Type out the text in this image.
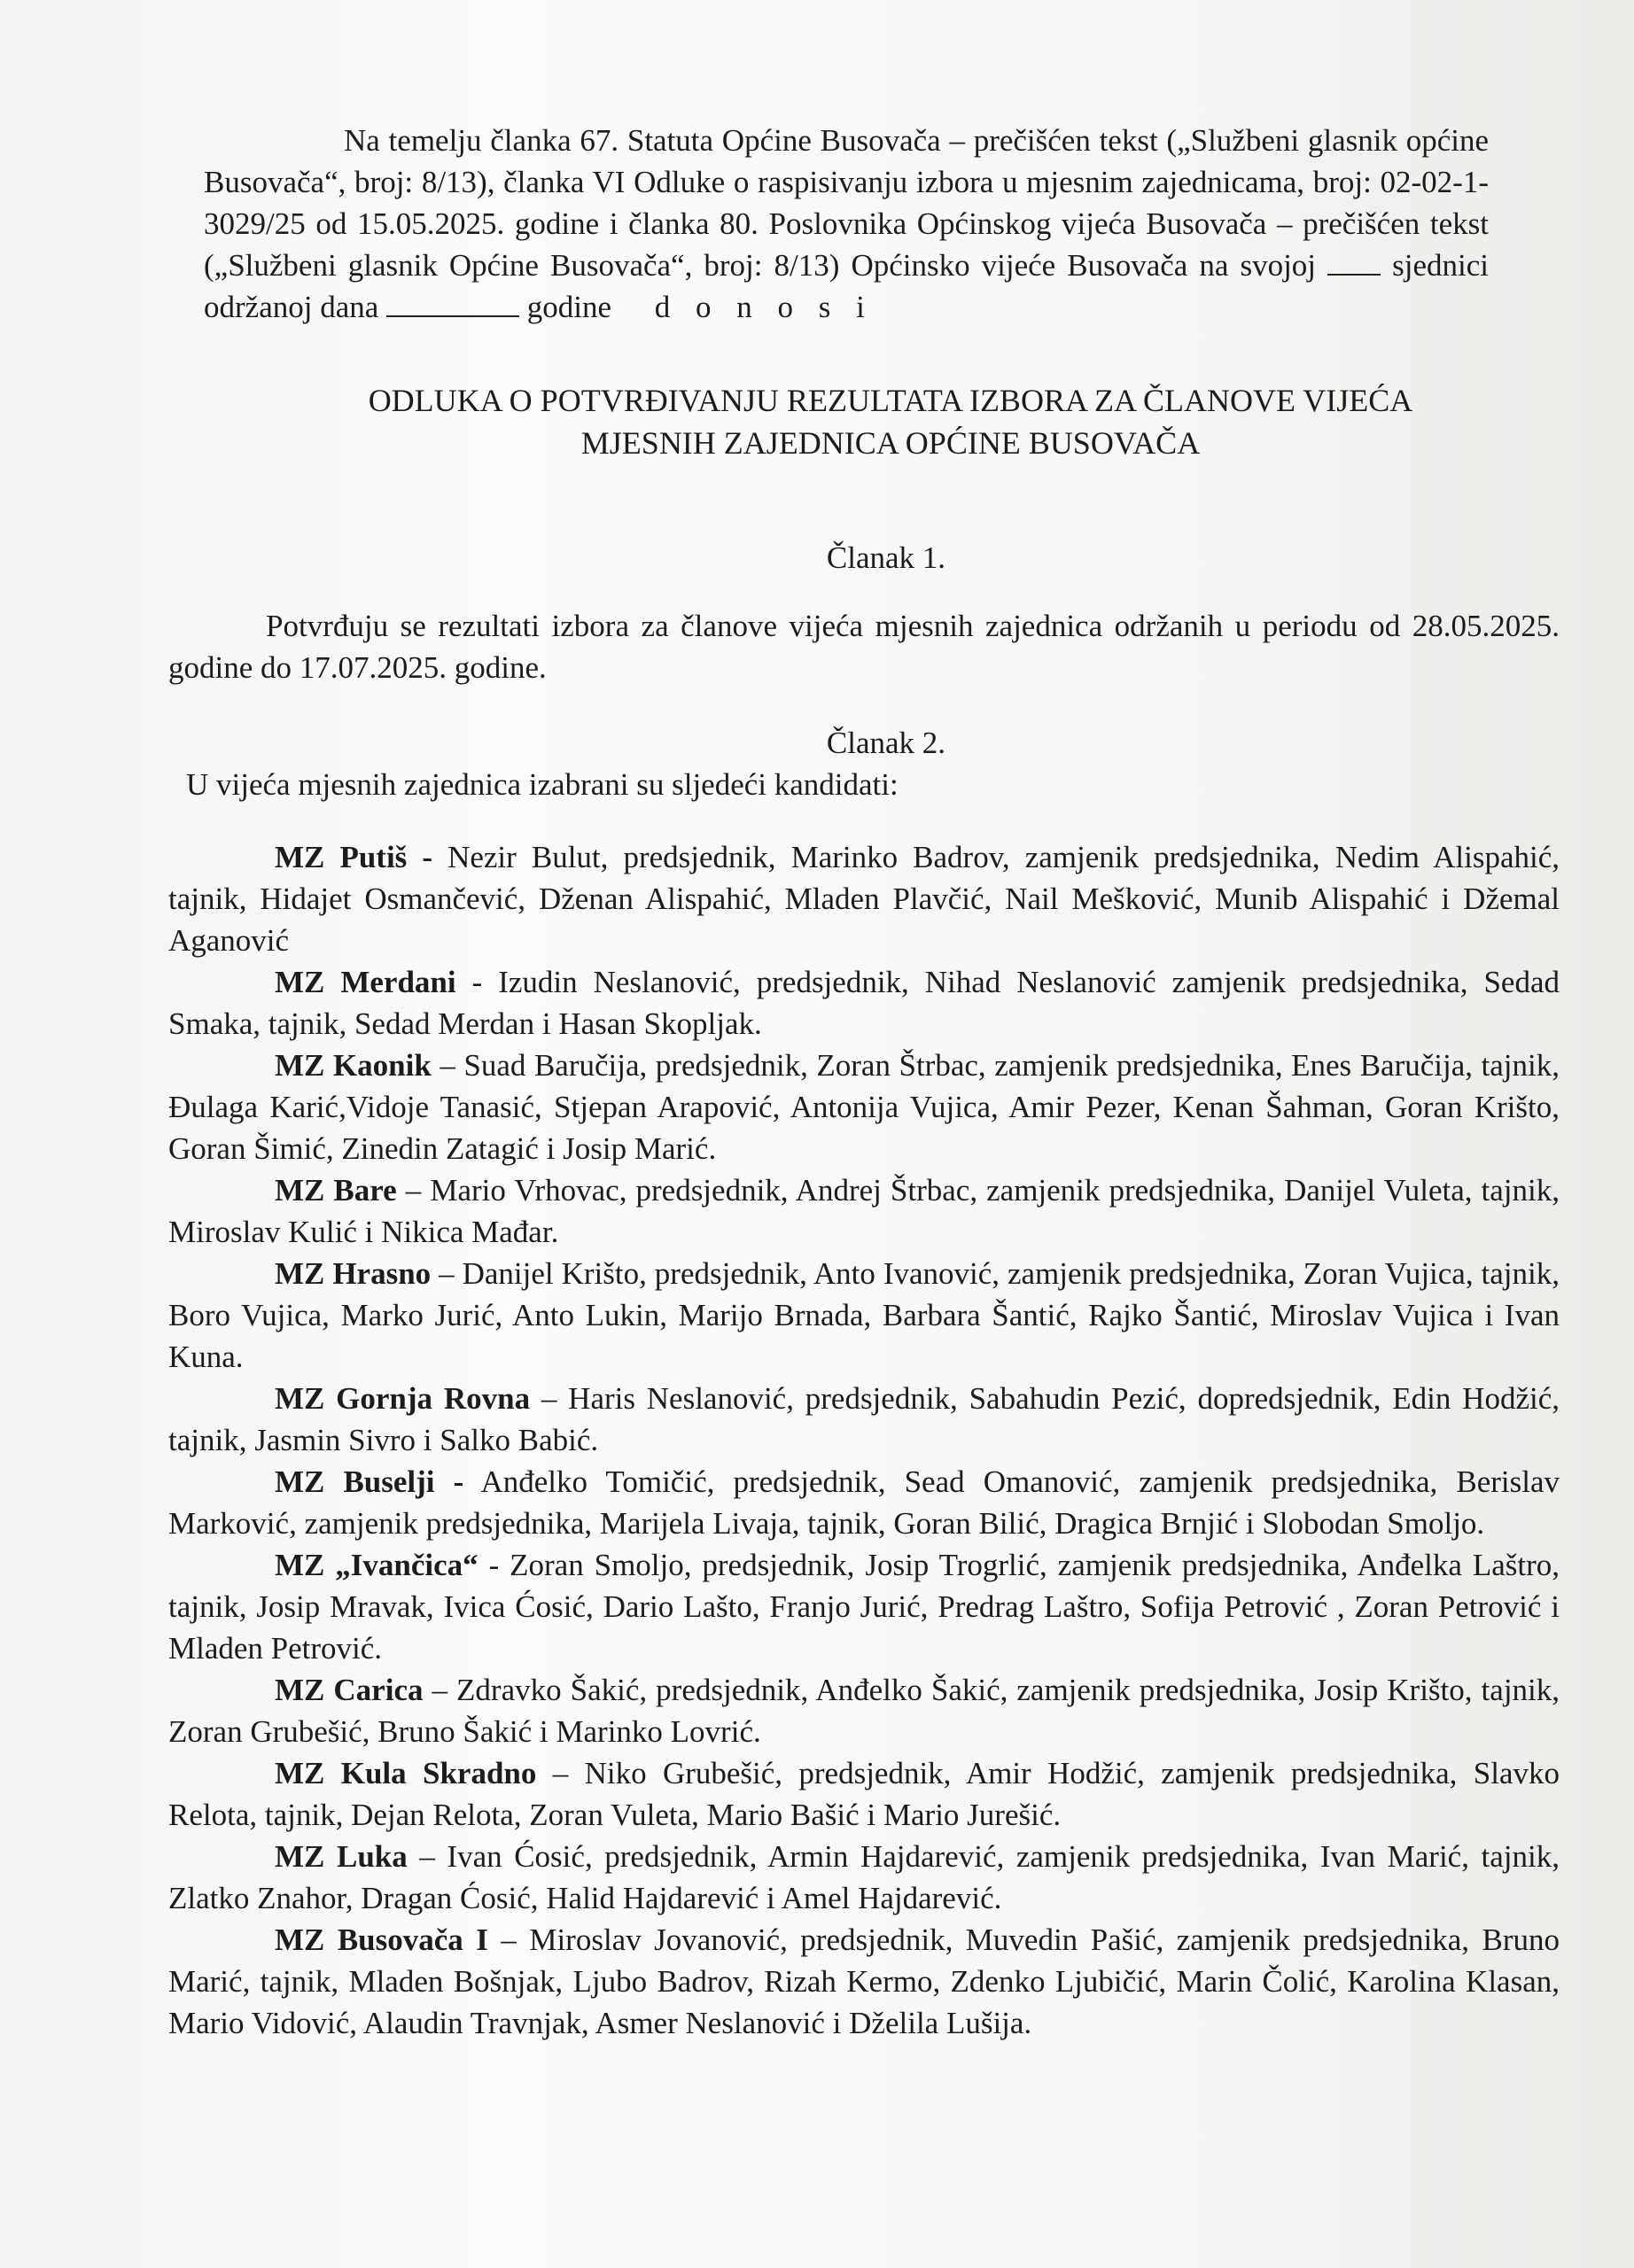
Na temelju članka 67. Statuta Općine Busovača – prečišćen tekst („Službeni glasnik općine Busovača“, broj: 8/13), članka VI Odluke o raspisivanju izbora u mjesnim zajednicama, broj: 02-02-1-3029/25 od 15.05.2025. godine i članka 80. Poslovnika Općinskog vijeća Busovača – prečišćen tekst („Službeni glasnik Općine Busovača“, broj: 8/13) Općinsko vijeće Busovača na svojoj sjednici održanoj dana	godine d o n o s i

ODLUKA O POTVRĐIVANJU REZULTATA IZBORA ZA ČLANOVE VIJEĆA
MJESNIH ZAJEDNICA OPĆINE BUSOVAČA
Članak 1.

Potvrđuju se rezultati izbora za članove vijeća mjesnih zajednica održanih u periodu od 28.05.2025. godine do 17.07.2025. godine.

Članak 2.

U vijeća mjesnih zajednica izabrani su sljedeći kandidati:

MZ Putiš - Nezir Bulut, predsjednik, Marinko Badrov, zamjenik predsjednika, Nedim Alispahić, tajnik, Hidajet Osmančević, Dženan Alispahić, Mladen Plavčić, Nail Mešković, Munib Alispahić i Džemal Aganović

MZ Merdani - Izudin Neslanović, predsjednik, Nihad Neslanović zamjenik predsjednika, Sedad Smaka, tajnik, Sedad Merdan i Hasan Skopljak.

MZ Kaonik – Suad Baručija, predsjednik, Zoran Štrbac, zamjenik predsjednika, Enes Baručija, tajnik, Đulaga Karić,Vidoje Tanasić, Stjepan Arapović, Antonija Vujica, Amir Pezer, Kenan Šahman, Goran Krišto, Goran Šimić, Zinedin Zatagić i Josip Marić.

MZ Bare – Mario Vrhovac, predsjednik, Andrej Štrbac, zamjenik predsjednika, Danijel Vuleta, tajnik, Miroslav Kulić i Nikica Mađar.

MZ Hrasno – Danijel Krišto, predsjednik, Anto Ivanović, zamjenik predsjednika, Zoran Vujica, tajnik, Boro Vujica, Marko Jurić, Anto Lukin, Marijo Brnada, Barbara Šantić, Rajko Šantić, Miroslav Vujica i Ivan Kuna.

MZ Gornja Rovna – Haris Neslanović, predsjednik, Sabahudin Pezić, dopredsjednik, Edin Hodžić, tajnik, Jasmin Sivro i Salko Babić.

MZ Buselji - Anđelko Tomičić, predsjednik, Sead Omanović, zamjenik predsjednika, Berislav Marković, zamjenik predsjednika, Marijela Livaja, tajnik, Goran Bilić, Dragica Brnjić i Slobodan Smoljo.

MZ „Ivančica“ - Zoran Smoljo, predsjednik, Josip Trogrlić, zamjenik predsjednika, Anđelka Laštro, tajnik, Josip Mravak, Ivica Ćosić, Dario Lašto, Franjo Jurić, Predrag Laštro, Sofija Petrović , Zoran Petrović i Mladen Petrović.

MZ Carica – Zdravko Šakić, predsjednik, Anđelko Šakić, zamjenik predsjednika, Josip Krišto, tajnik, Zoran Grubešić, Bruno Šakić i Marinko Lovrić.

MZ Kula Skradno – Niko Grubešić, predsjednik, Amir Hodžić, zamjenik predsjednika, Slavko Relota, tajnik, Dejan Relota, Zoran Vuleta, Mario Bašić i Mario Jurešić.

MZ Luka – Ivan Ćosić, predsjednik, Armin Hajdarević, zamjenik predsjednika, Ivan Marić, tajnik, Zlatko Znahor, Dragan Ćosić, Halid Hajdarević i Amel Hajdarević.

MZ Busovača I – Miroslav Jovanović, predsjednik, Muvedin Pašić, zamjenik predsjednika, Bruno Marić, tajnik, Mladen Bošnjak, Ljubo Badrov, Rizah Kermo, Zdenko Ljubičić, Marin Čolić, Karolina Klasan, Mario Vidović, Alaudin Travnjak, Asmer Neslanović i Dželila Lušija.
